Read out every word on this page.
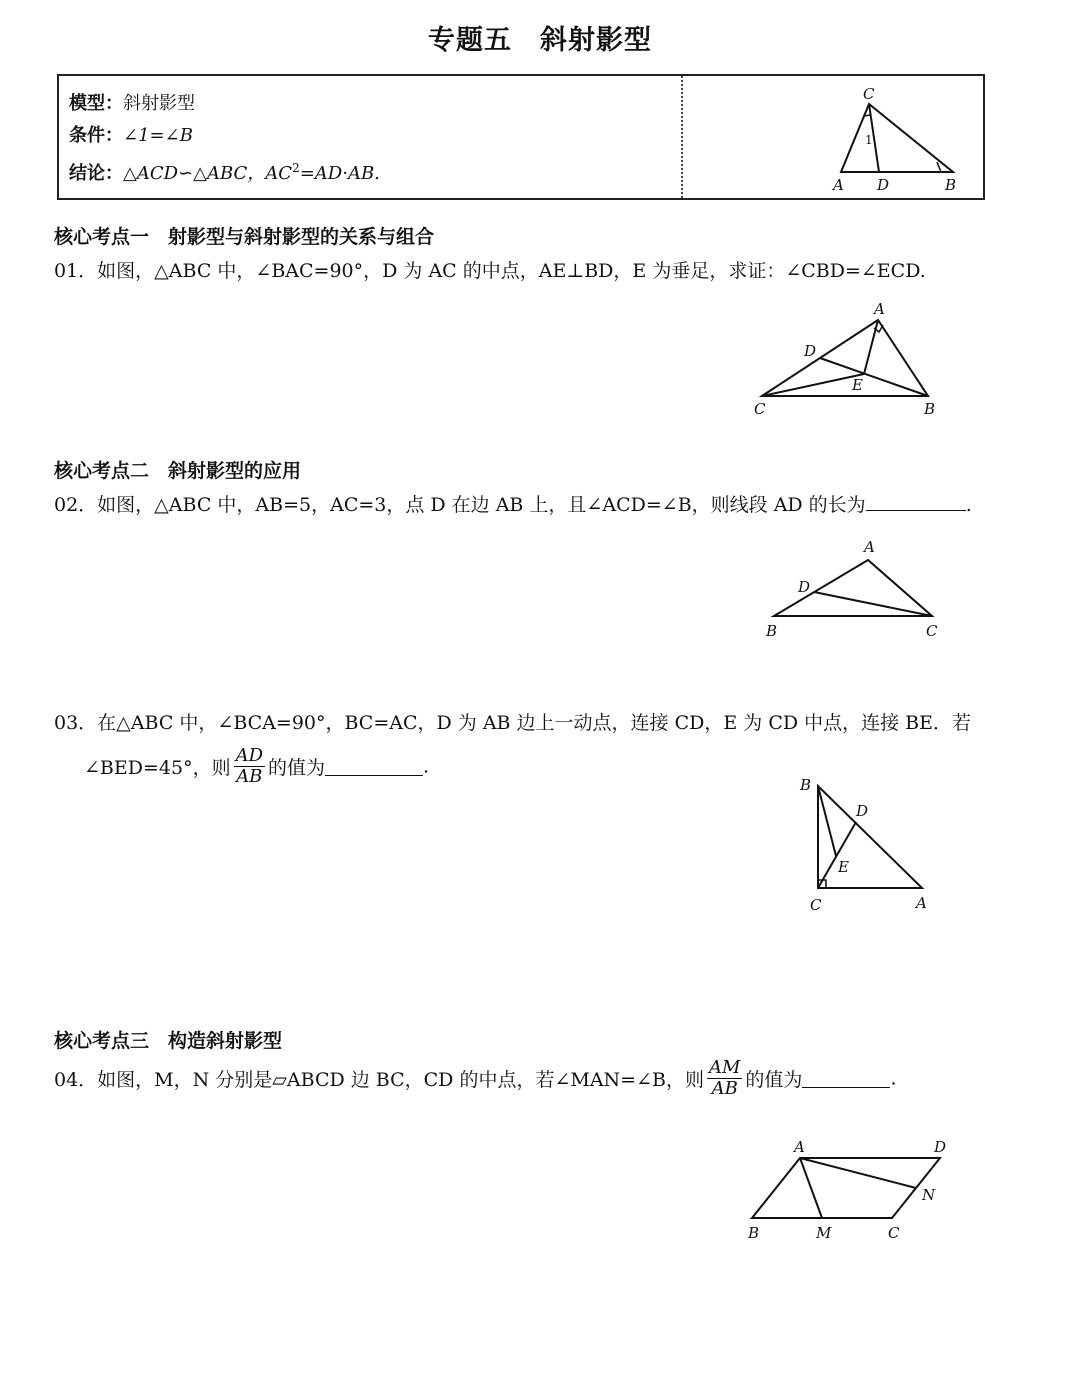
专题五　斜射影型
模型：斜射影型
条件：∠1=∠B
结论：△ACD∽△ABC，$AC^2=AD\cdot AB$.
C
1
A D	B
核心考点一　射影型与斜射影型的关系与组合
01．如图，△ABC 中，∠BAC=90°，D 为 AC 的中点，AE⊥BD，E 为垂足，求证：∠CBD=∠ECD.
A
D
E
C	B
核心考点二　斜射影型的应用
02．如图，△ABC 中，AB=5，AC=3，点 D 在边 AB 上，且∠ACD=∠B，则线段 AD 的长为	.
A
D
B	C
03．在△ABC 中，∠BCA=90°，BC=AC，D 为 AB 边上一动点，连接 CD，E 为 CD 中点，连接 BE．若
∠BED=45°，则 $\frac{AD}{AB}$ 的值为	.
B
D
E
C	A
核心考点三　构造斜射影型
04．如图，M，N 分别是▱ABCD 边 BC，CD 的中点，若∠MAN=∠B，则 $\frac{AM}{AB}$ 的值为	.
A	D
N
B	M	C
